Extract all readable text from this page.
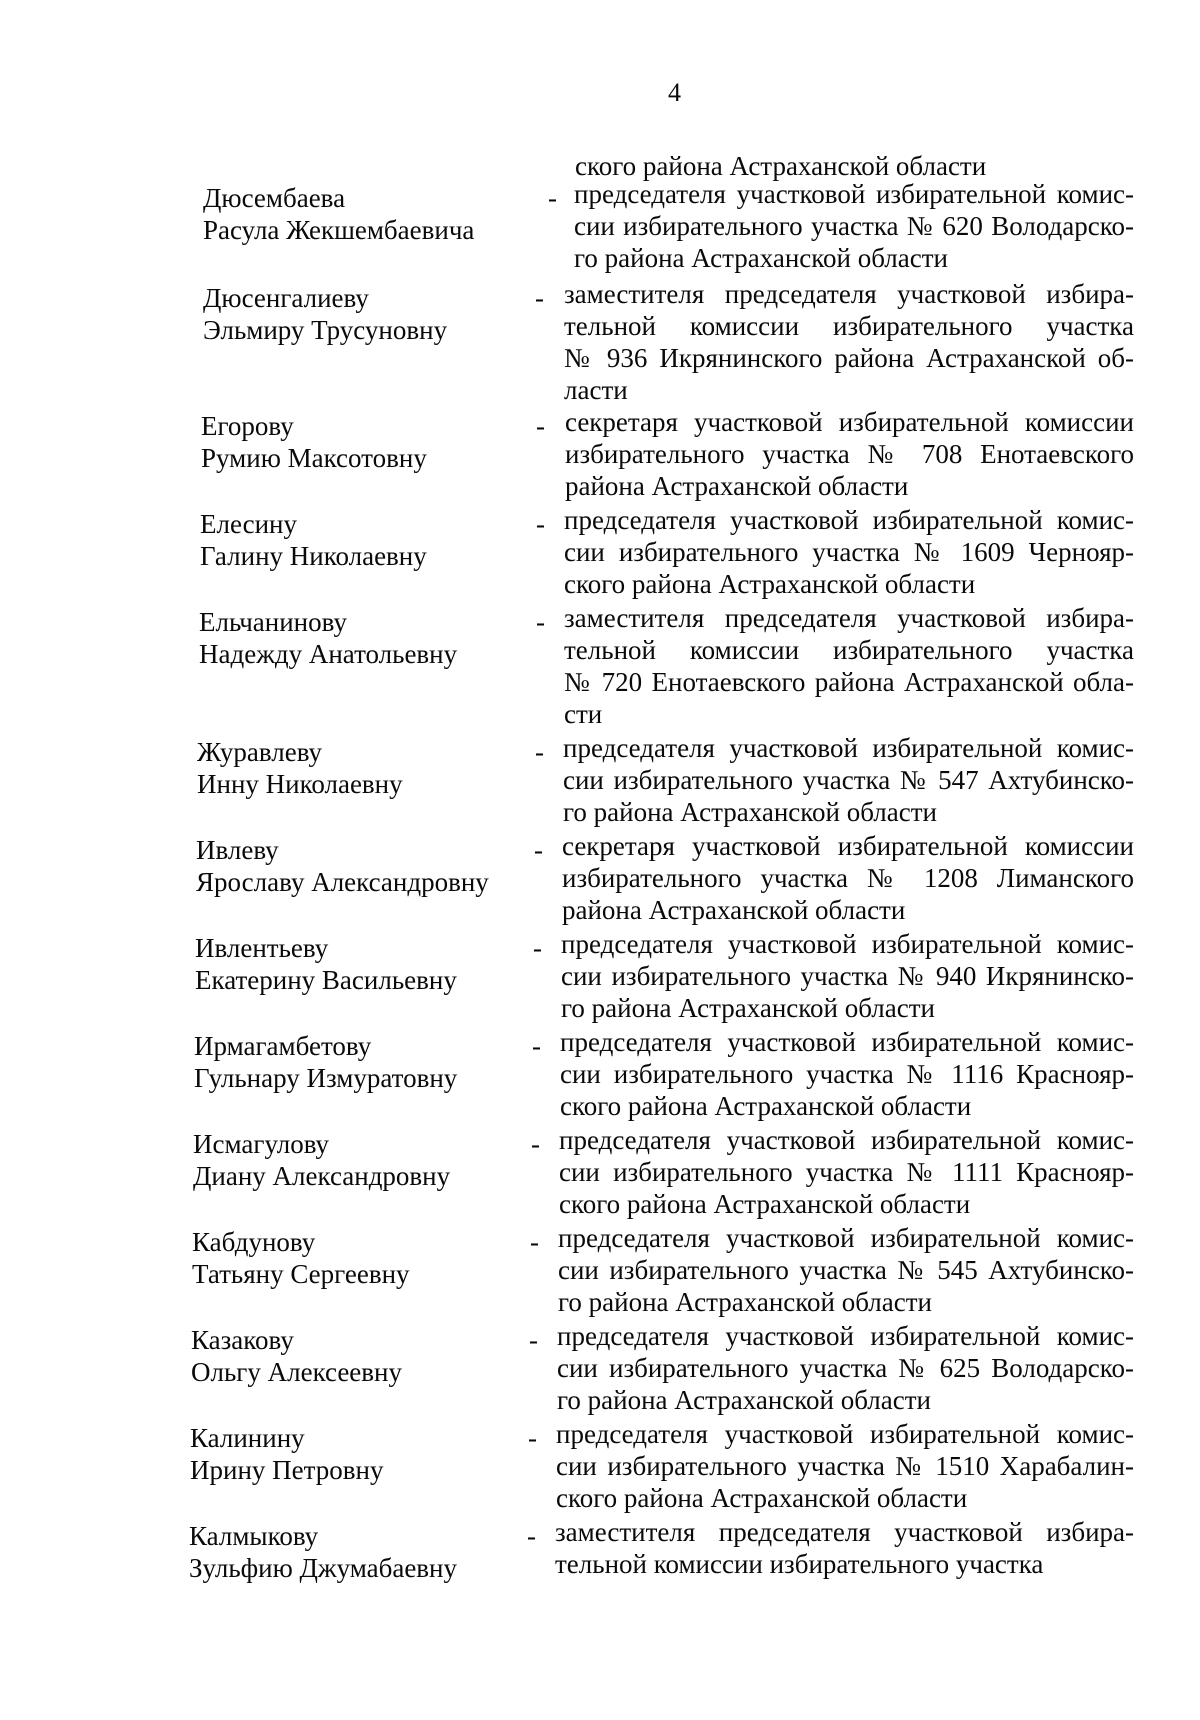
4
ского района Астраханской области
Дюсембаева
Расула Жекшембаевича
- председателя участковой избирательной комис-
сии избирательного участка № 620 Володарско-
го района Астраханской области
Дюсенгалиеву
Эльмиру Трусуновну
- заместителя председателя участковой избира-
тельной комиссии избирательного участка
№ 936 Икрянинского района Астраханской об-
ласти
Егорову
Румию Максотовну
- секретаря участковой избирательной комиссии
избирательного участка № 708 Енотаевского
района Астраханской области
Елесину
Галину Николаевну
- председателя участковой избирательной комис-
сии избирательного участка № 1609 Чернояр-
ского района Астраханской области
Ельчанинову
Надежду Анатольевну
- заместителя председателя участковой избира-
тельной комиссии избирательного участка
№ 720 Енотаевского района Астраханской обла-
сти
Журавлеву
Инну Николаевну
- председателя участковой избирательной комис-
сии избирательного участка № 547 Ахтубинско-
го района Астраханской области
Ивлеву
Ярославу Александровну
- секретаря участковой избирательной комиссии
избирательного участка № 1208 Лиманского
района Астраханской области
Ивлентьеву
Екатерину Васильевну
- председателя участковой избирательной комис-
сии избирательного участка № 940 Икрянинско-
го района Астраханской области
Ирмагамбетову
Гульнару Измуратовну
- председателя участковой избирательной комис-
сии избирательного участка № 1116 Краснояр-
ского района Астраханской области
Исмагулову
Диану Александровну
- председателя участковой избирательной комис-
сии избирательного участка № 1111 Краснояр-
ского района Астраханской области
Кабдунову
Татьяну Сергеевну
- председателя участковой избирательной комис-
сии избирательного участка № 545 Ахтубинско-
го района Астраханской области
Казакову
Ольгу Алексеевну
- председателя участковой избирательной комис-
сии избирательного участка № 625 Володарско-
го района Астраханской области
Калинину
Ирину Петровну
- председателя участковой избирательной комис-
сии избирательного участка № 1510 Харабалин-
ского района Астраханской области
Калмыкову
Зульфию Джумабаевну
- заместителя председателя участковой избира-
тельной комиссии избирательного участка
